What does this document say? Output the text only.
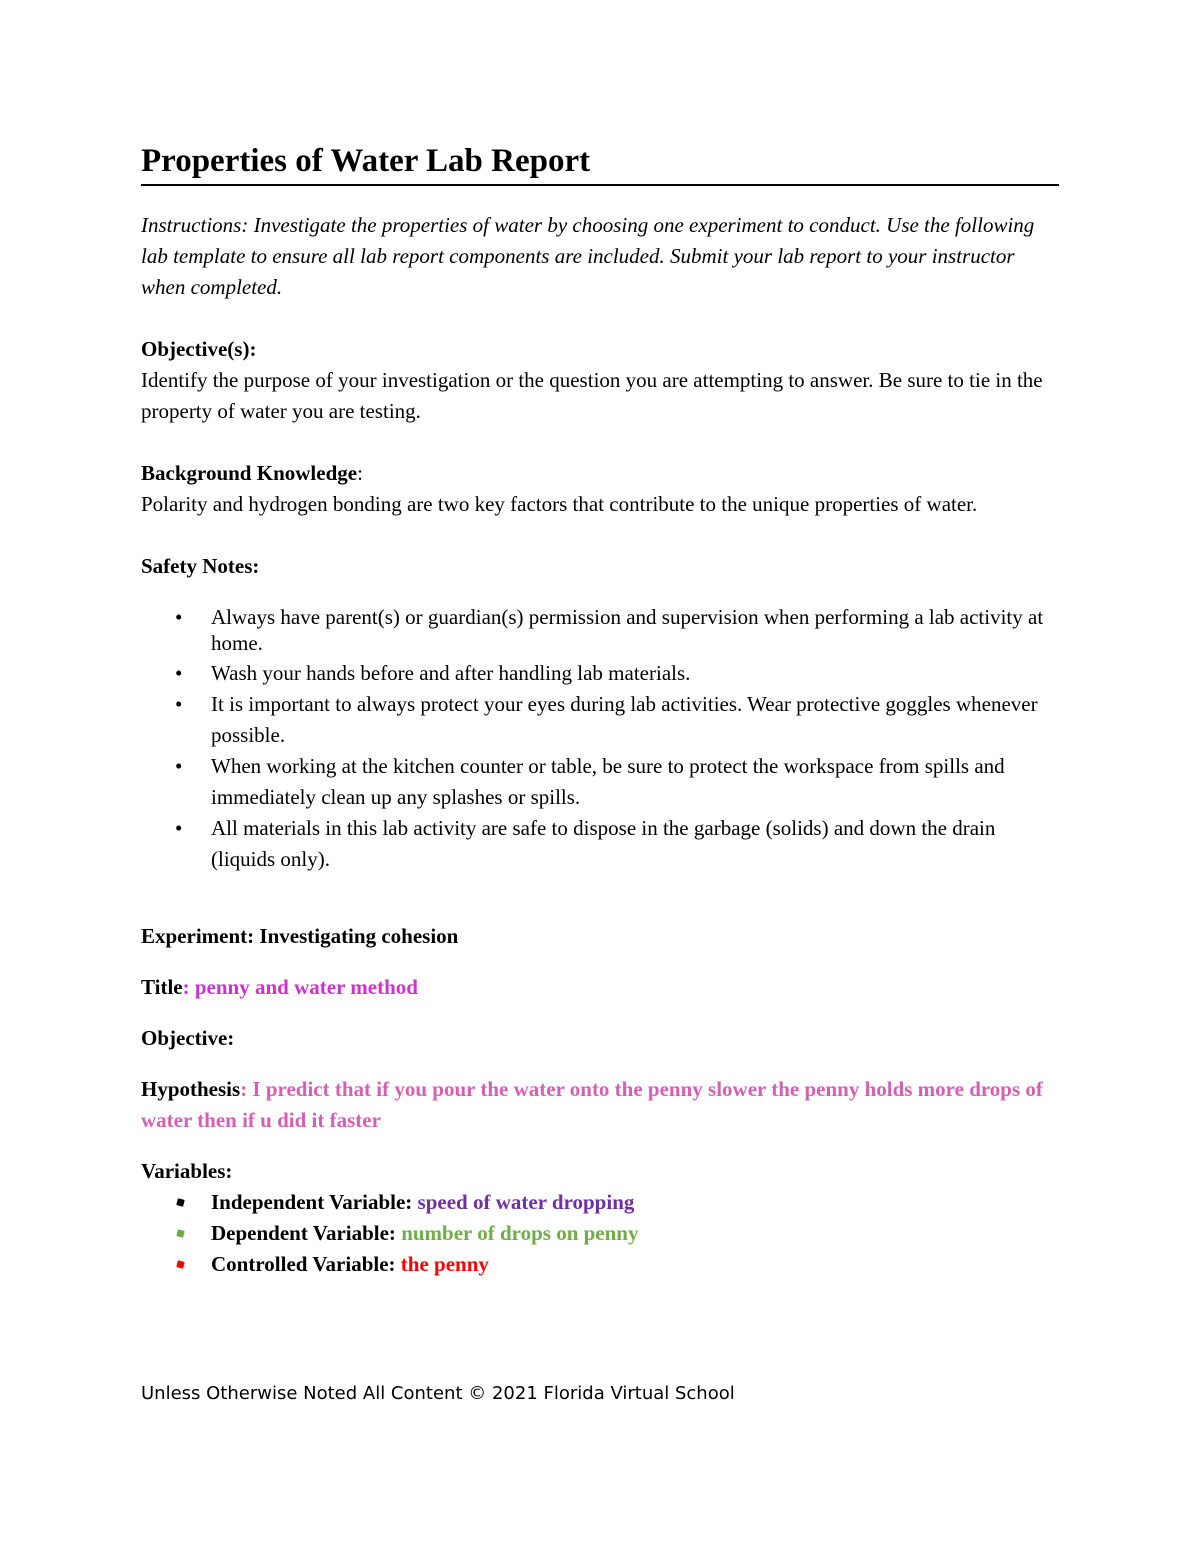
Properties of Water Lab Report

Instructions: Investigate the properties of water by choosing one experiment to conduct. Use the following lab template to ensure all lab report components are included. Submit your lab report to your instructor when completed.

Objective(s):

Identify the purpose of your investigation or the question you are attempting to answer. Be sure to tie in the property of water you are testing.

Background Knowledge:

Polarity and hydrogen bonding are two key factors that contribute to the unique properties of water.

Safety Notes:

• Always have parent(s) or guardian(s) permission and supervision when performing a lab activity at home.
• Wash your hands before and after handling lab materials.
• It is important to always protect your eyes during lab activities. Wear protective goggles whenever possible.
• When working at the kitchen counter or table, be sure to protect the workspace from spills and immediately clean up any splashes or spills.
• All materials in this lab activity are safe to dispose in the garbage (solids) and down the drain (liquids only).

Experiment: Investigating cohesion

Title: penny and water method

Objective:

Hypothesis: I predict that if you pour the water onto the penny slower the penny holds more drops of water then if u did it faster

Variables:

Independent Variable: speed of water dropping
Dependent Variable: number of drops on penny
Controlled Variable: the penny
Unless Otherwise Noted All Content © 2021 Florida Virtual School
